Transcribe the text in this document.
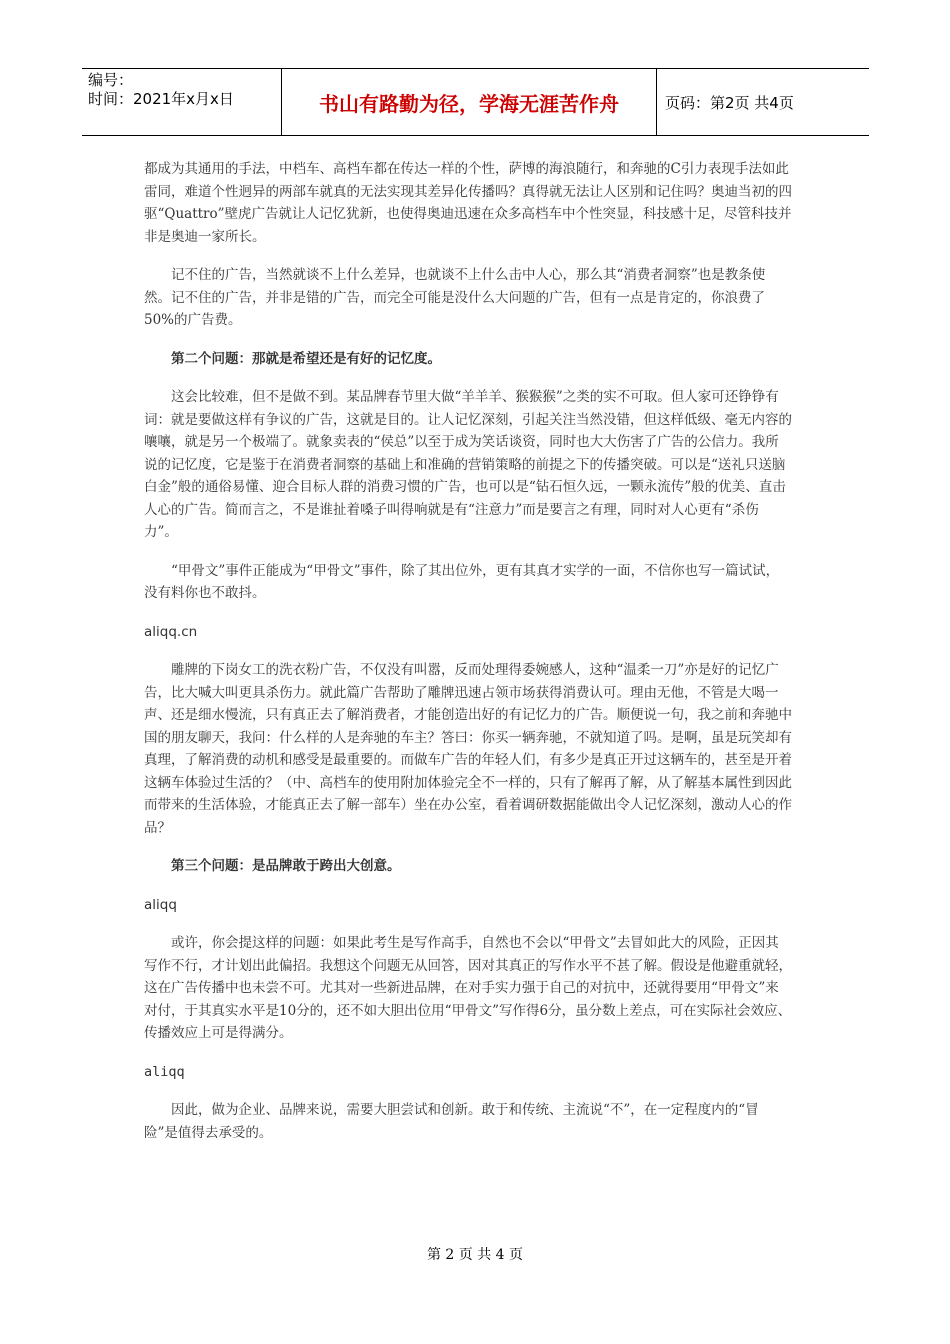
编号：
时间：2021年x月x日	书山有路勤为径，学海无涯苦作舟	页码：第2页 共4页

都成为其通用的手法，中档车、高档车都在传达一样的个性，萨博的海浪随行，和奔驰的C引力表现手法如此雷同，难道个性迥异的两部车就真的无法实现其差异化传播吗？真得就无法让人区别和记住吗？奥迪当初的四驱“Quattro”壁虎广告就让人记忆犹新，也使得奥迪迅速在众多高档车中个性突显，科技感十足，尽管科技并非是奥迪一家所长。

记不住的广告，当然就谈不上什么差异，也就谈不上什么击中人心，那么其“消费者洞察”也是教条使然。记不住的广告，并非是错的广告，而完全可能是没什么大问题的广告，但有一点是肯定的，你浪费了50%的广告费。

第二个问题：那就是希望还是有好的记忆度。

这会比较难，但不是做不到。某品牌春节里大做“羊羊羊、猴猴猴”之类的实不可取。但人家可还铮铮有词：就是要做这样有争议的广告，这就是目的。让人记忆深刻，引起关注当然没错，但这样低级、毫无内容的嚷嚷，就是另一个极端了。就象卖表的“侯总”以至于成为笑话谈资，同时也大大伤害了广告的公信力。我所说的记忆度，它是鉴于在消费者洞察的基础上和准确的营销策略的前提之下的传播突破。可以是“送礼只送脑白金”般的通俗易懂、迎合目标人群的消费习惯的广告，也可以是“钻石恒久远，一颗永流传”般的优美、直击人心的广告。简而言之，不是谁扯着嗓子叫得响就是有“注意力”而是要言之有理，同时对人心更有“杀伤力”。

“甲骨文”事件正能成为“甲骨文”事件，除了其出位外，更有其真才实学的一面，不信你也写一篇试试，没有料你也不敢抖。

aliqq.cn

雕牌的下岗女工的洗衣粉广告，不仅没有叫嚣，反而处理得委婉感人，这种“温柔一刀”亦是好的记忆广告，比大喊大叫更具杀伤力。就此篇广告帮助了雕牌迅速占领市场获得消费认可。理由无他，不管是大喝一声、还是细水慢流，只有真正去了解消费者，才能创造出好的有记忆力的广告。顺便说一句，我之前和奔驰中国的朋友聊天，我问：什么样的人是奔驰的车主？答曰：你买一辆奔驰，不就知道了吗。是啊，虽是玩笑却有真理，了解消费的动机和感受是最重要的。而做车广告的年轻人们，有多少是真正开过这辆车的，甚至是开着这辆车体验过生活的？（中、高档车的使用附加体验完全不一样的，只有了解再了解，从了解基本属性到因此而带来的生活体验，才能真正去了解一部车）坐在办公室，看着调研数据能做出令人记忆深刻，激动人心的作品？

第三个问题：是品牌敢于跨出大创意。

aliqq

或许，你会提这样的问题：如果此考生是写作高手，自然也不会以“甲骨文”去冒如此大的风险，正因其写作不行，才计划出此偏招。我想这个问题无从回答，因对其真正的写作水平不甚了解。假设是他避重就轻，这在广告传播中也未尝不可。尤其对一些新进品牌，在对手实力强于自己的对抗中，还就得要用“甲骨文”来对付，于其真实水平是10分的，还不如大胆出位用“甲骨文”写作得6分，虽分数上差点，可在实际社会效应、传播效应上可是得满分。

aliqq

因此，做为企业、品牌来说，需要大胆尝试和创新。敢于和传统、主流说“不”，在一定程度内的“冒险”是值得去承受的。

第 2 页 共 4 页
